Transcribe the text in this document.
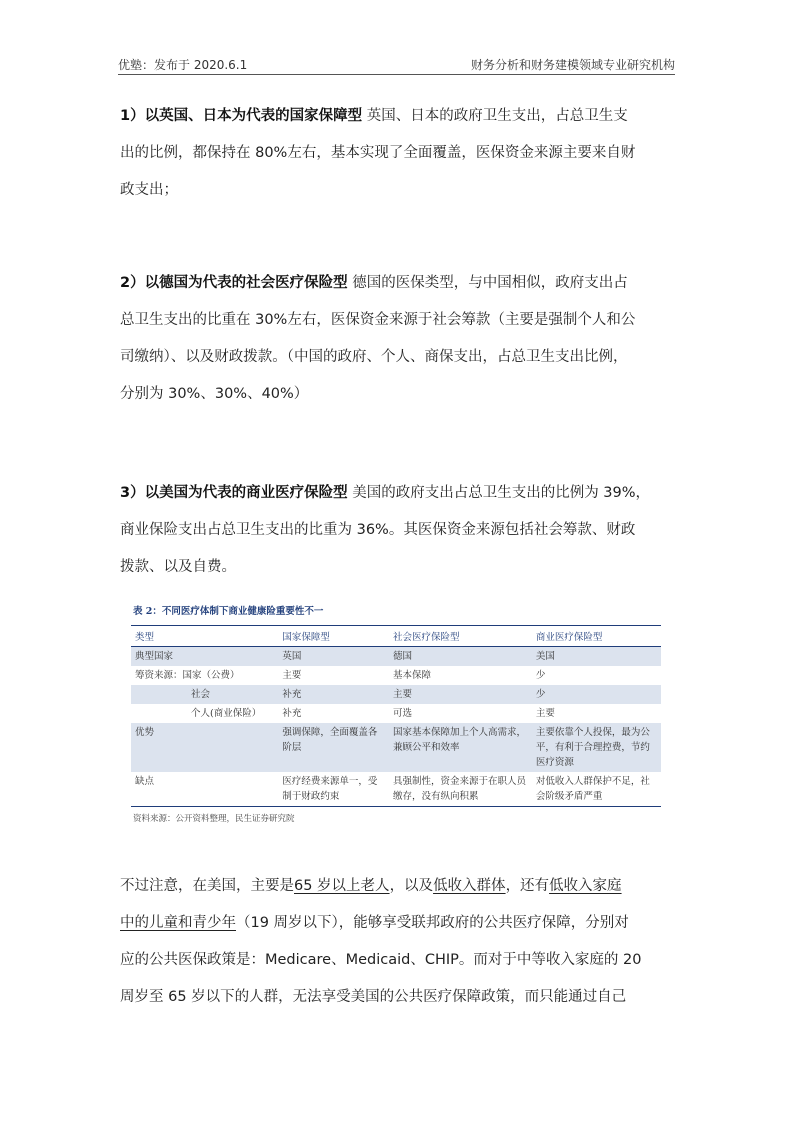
优塾：发布于 2020.6.1	财务分析和财务建模领域专业研究机构
1）以英国、日本为代表的国家保障型 英国、日本的政府卫生支出，占总卫生支
出的比例，都保持在 80%左右，基本实现了全面覆盖，医保资金来源主要来自财
政支出；
2）以德国为代表的社会医疗保险型 德国的医保类型，与中国相似，政府支出占
总卫生支出的比重在 30%左右，医保资金来源于社会筹款（主要是强制个人和公
司缴纳）、以及财政拨款。（中国的政府、个人、商保支出，占总卫生支出比例，
分别为 30%、30%、40%）
3）以美国为代表的商业医疗保险型 美国的政府支出占总卫生支出的比例为 39%，
商业保险支出占总卫生支出的比重为 36%。其医保资金来源包括社会筹款、财政
拨款、以及自费。
表 2：不同医疗体制下商业健康险重要性不一
类型	国家保障型	社会医疗保险型	商业医疗保险型
典型国家	英国	德国	美国
筹资来源：国家（公费）	主要	基本保障	少
社会	补充	主要	少
个人(商业保险）	补充	可选	主要
优势	强调保障，全面覆盖各阶层	国家基本保障加上个人高需求，兼顾公平和效率	主要依靠个人投保，最为公平，有利于合理控费，节约医疗资源
缺点	医疗经费来源单一，受制于财政约束	具强制性，资金来源于在职人员缴存，没有纵向积累	对低收入人群保护不足，社会阶级矛盾严重
资料来源：公开资料整理，民生证券研究院
不过注意，在美国，主要是65 岁以上老人，以及低收入群体，还有低收入家庭
中的儿童和青少年（19 周岁以下），能够享受联邦政府的公共医疗保障，分别对
应的公共医保政策是：Medicare、Medicaid、CHIP。而对于中等收入家庭的 20
周岁至 65 岁以下的人群，无法享受美国的公共医疗保障政策，而只能通过自己
